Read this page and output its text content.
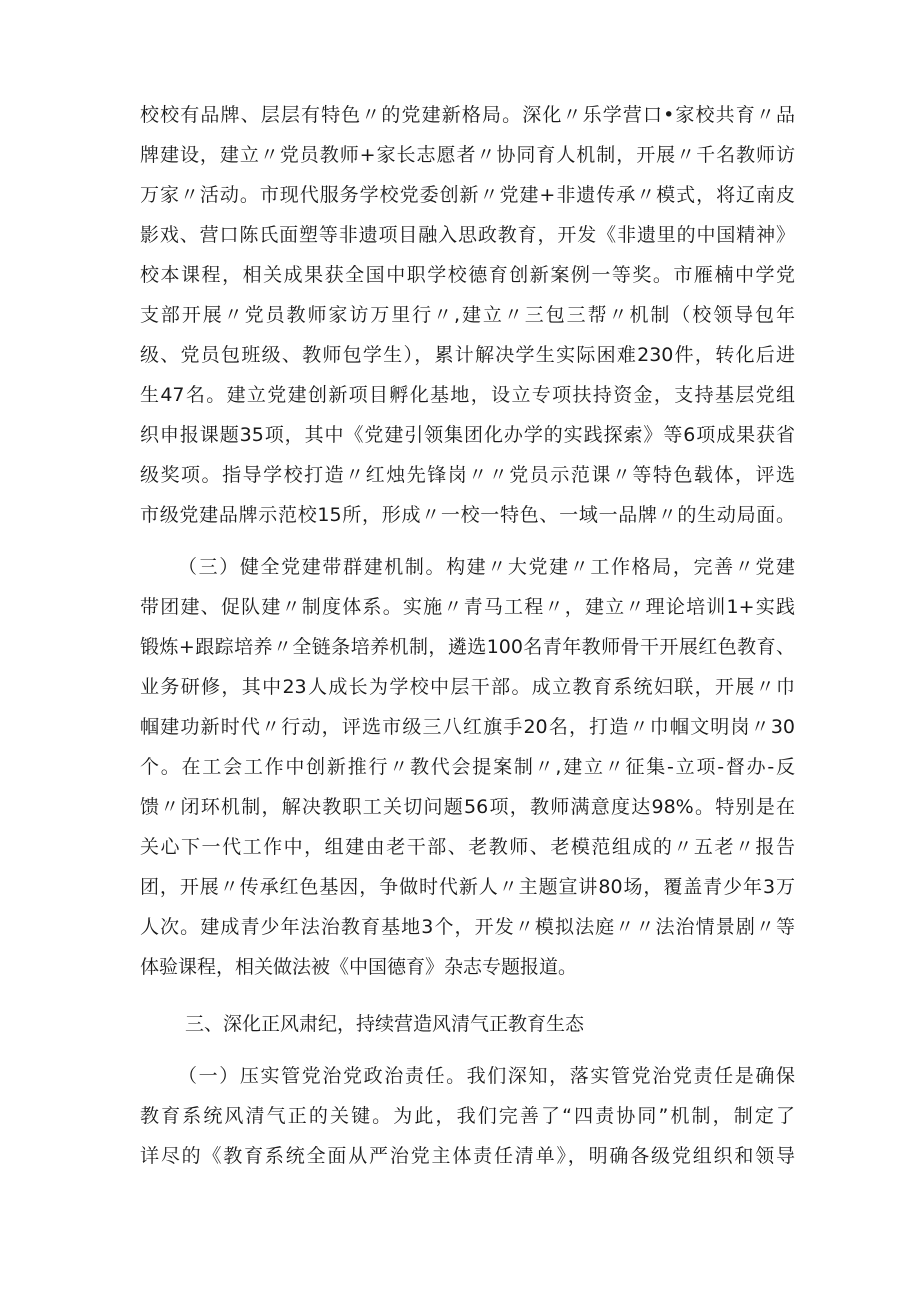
校校有品牌、层层有特色〃的党建新格局。深化〃乐学营口•家校共育〃品
牌建设，建立〃党员教师+家长志愿者〃协同育人机制，开展〃千名教师访
万家〃活动。市现代服务学校党委创新〃党建+非遗传承〃模式，将辽南皮
影戏、营口陈氏面塑等非遗项目融入思政教育，开发《非遗里的中国精神》
校本课程，相关成果获全国中职学校德育创新案例一等奖。市雁楠中学党
支部开展〃党员教师家访万里行〃,建立〃三包三帮〃机制（校领导包年
级、党员包班级、教师包学生），累计解决学生实际困难230件，转化后进
生47名。建立党建创新项目孵化基地，设立专项扶持资金，支持基层党组
织申报课题35项，其中《党建引领集团化办学的实践探索》等6项成果获省
级奖项。指导学校打造〃红烛先锋岗〃〃党员示范课〃等特色载体，评选
市级党建品牌示范校15所，形成〃一校一特色、一域一品牌〃的生动局面。
（三）健全党建带群建机制。构建〃大党建〃工作格局，完善〃党建
带团建、促队建〃制度体系。实施〃青马工程〃，建立〃理论培训1+实践
锻炼+跟踪培养〃全链条培养机制，遴选100名青年教师骨干开展红色教育、
业务研修，其中23人成长为学校中层干部。成立教育系统妇联，开展〃巾
帼建功新时代〃行动，评选市级三八红旗手20名，打造〃巾帼文明岗〃30
个。在工会工作中创新推行〃教代会提案制〃,建立〃征集-立项-督办-反
馈〃闭环机制，解决教职工关切问题56项，教师满意度达98%。特别是在
关心下一代工作中，组建由老干部、老教师、老模范组成的〃五老〃报告
团，开展〃传承红色基因，争做时代新人〃主题宣讲80场，覆盖青少年3万
人次。建成青少年法治教育基地3个，开发〃模拟法庭〃〃法治情景剧〃等
体验课程，相关做法被《中国德育》杂志专题报道。
三、深化正风肃纪，持续营造风清气正教育生态
（一）压实管党治党政治责任。我们深知，落实管党治党责任是确保
教育系统风清气正的关键。为此，我们完善了“四责协同”机制，制定了
详尽的《教育系统全面从严治党主体责任清单》，明确各级党组织和领导
